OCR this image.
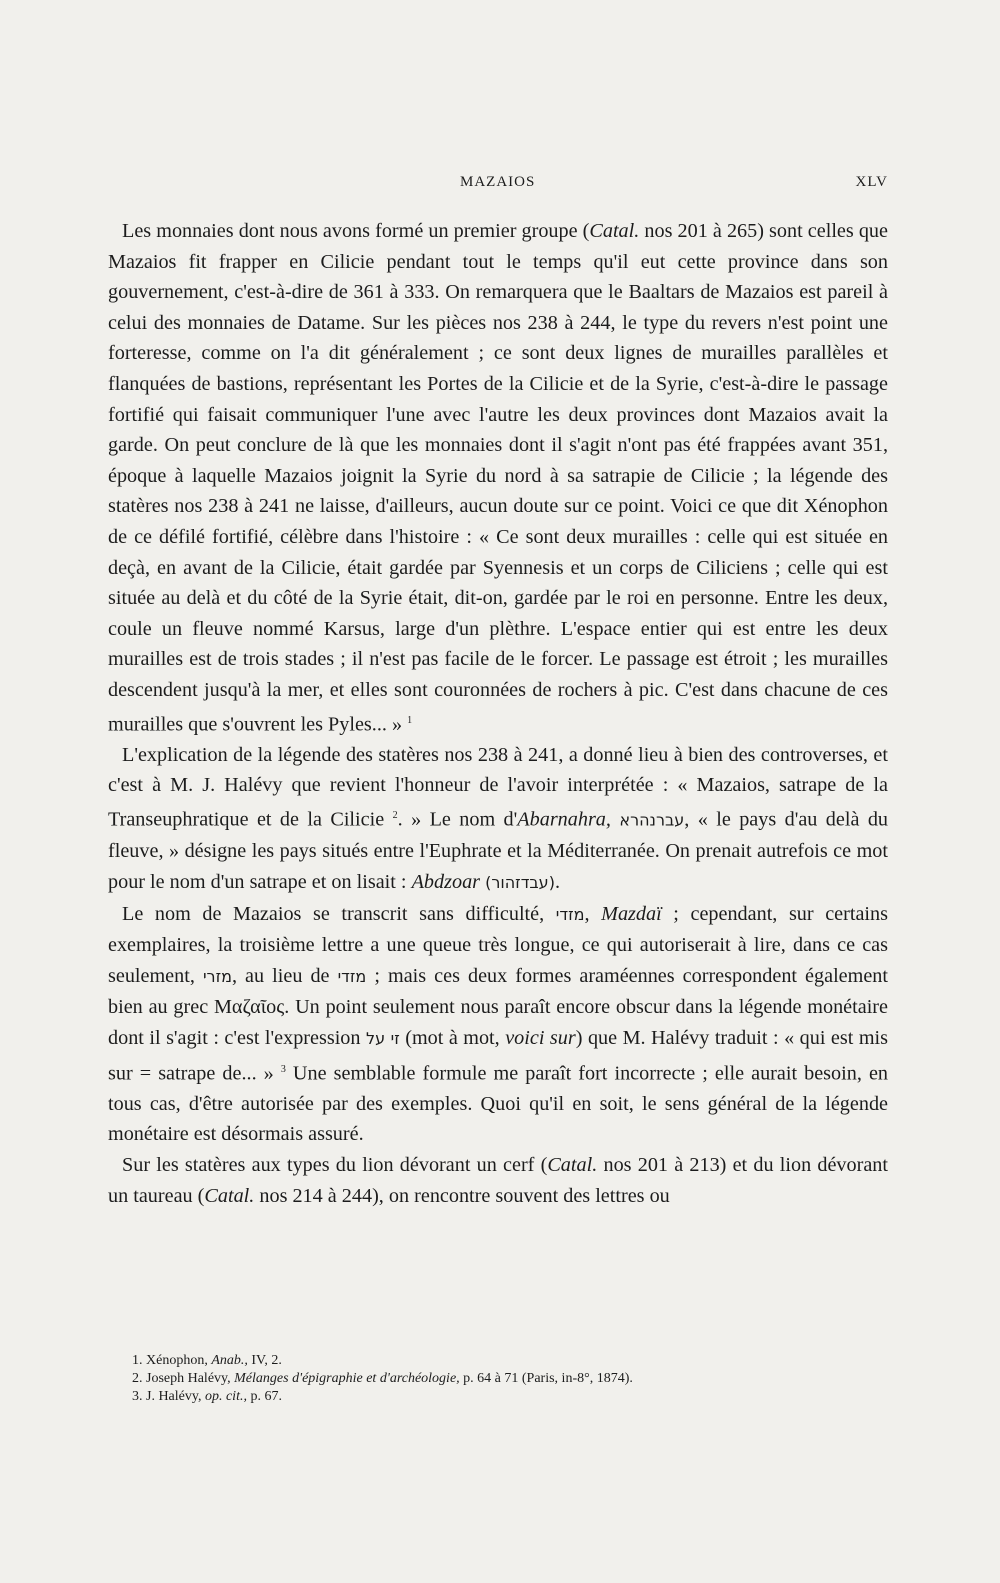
MAZAIOS	XLV

Les monnaies dont nous avons formé un premier groupe (Catal. nos 201 à 265) sont celles que Mazaios fit frapper en Cilicie pendant tout le temps qu'il eut cette province dans son gouvernement, c'est-à-dire de 361 à 333. On remarquera que le Baaltars de Mazaios est pareil à celui des monnaies de Datame. Sur les pièces nos 238 à 244, le type du revers n'est point une forteresse, comme on l'a dit généralement ; ce sont deux lignes de murailles parallèles et flanquées de bastions, représentant les Portes de la Cilicie et de la Syrie, c'est-à-dire le passage fortifié qui faisait communiquer l'une avec l'autre les deux provinces dont Mazaios avait la garde. On peut conclure de là que les monnaies dont il s'agit n'ont pas été frappées avant 351, époque à laquelle Mazaios joignit la Syrie du nord à sa satrapie de Cilicie ; la légende des statères nos 238 à 241 ne laisse, d'ailleurs, aucun doute sur ce point. Voici ce que dit Xénophon de ce défilé fortifié, célèbre dans l'histoire : « Ce sont deux murailles : celle qui est située en deçà, en avant de la Cilicie, était gardée par Syennesis et un corps de Ciliciens ; celle qui est située au delà et du côté de la Syrie était, dit-on, gardée par le roi en personne. Entre les deux, coule un fleuve nommé Karsus, large d'un plèthre. L'espace entier qui est entre les deux murailles est de trois stades ; il n'est pas facile de le forcer. Le passage est étroit ; les murailles descendent jusqu'à la mer, et elles sont couronnées de rochers à pic. C'est dans chacune de ces murailles que s'ouvrent les Pyles... » $^1$

L'explication de la légende des statères nos 238 à 241, a donné lieu à bien des controverses, et c'est à M. J. Halévy que revient l'honneur de l'avoir interprétée : « Mazaios, satrape de la Transeuphratique et de la Cilicie $^2$. » Le nom d'Abarnahra, עברנהרא, « le pays d'au delà du fleuve, » désigne les pays situés entre l'Euphrate et la Méditerranée. On prenait autrefois ce mot pour le nom d'un satrape et on lisait : Abdzoar (עבדזהור).

Le nom de Mazaios se transcrit sans difficulté, מזדי, Mazdaï ; cependant, sur certains exemplaires, la troisième lettre a une queue très longue, ce qui autoriserait à lire, dans ce cas seulement, מזרי, au lieu de מזדי ; mais ces deux formes araméennes correspondent également bien au grec Μαζαῖος. Un point seulement nous paraît encore obscur dans la légende monétaire dont il s'agit : c'est l'expression זי על (mot à mot, voici sur) que M. Halévy traduit : « qui est mis sur = satrape de... » $^3$ Une semblable formule me paraît fort incorrecte ; elle aurait besoin, en tous cas, d'être autorisée par des exemples. Quoi qu'il en soit, le sens général de la légende monétaire est désormais assuré.

Sur les statères aux types du lion dévorant un cerf (Catal. nos 201 à 213) et du lion dévorant un taureau (Catal. nos 214 à 244), on rencontre souvent des lettres ou

1. Xénophon, Anab., IV, 2.
2. Joseph Halévy, Mélanges d'épigraphie et d'archéologie, p. 64 à 71 (Paris, in-8°, 1874).
3. J. Halévy, op. cit., p. 67.
